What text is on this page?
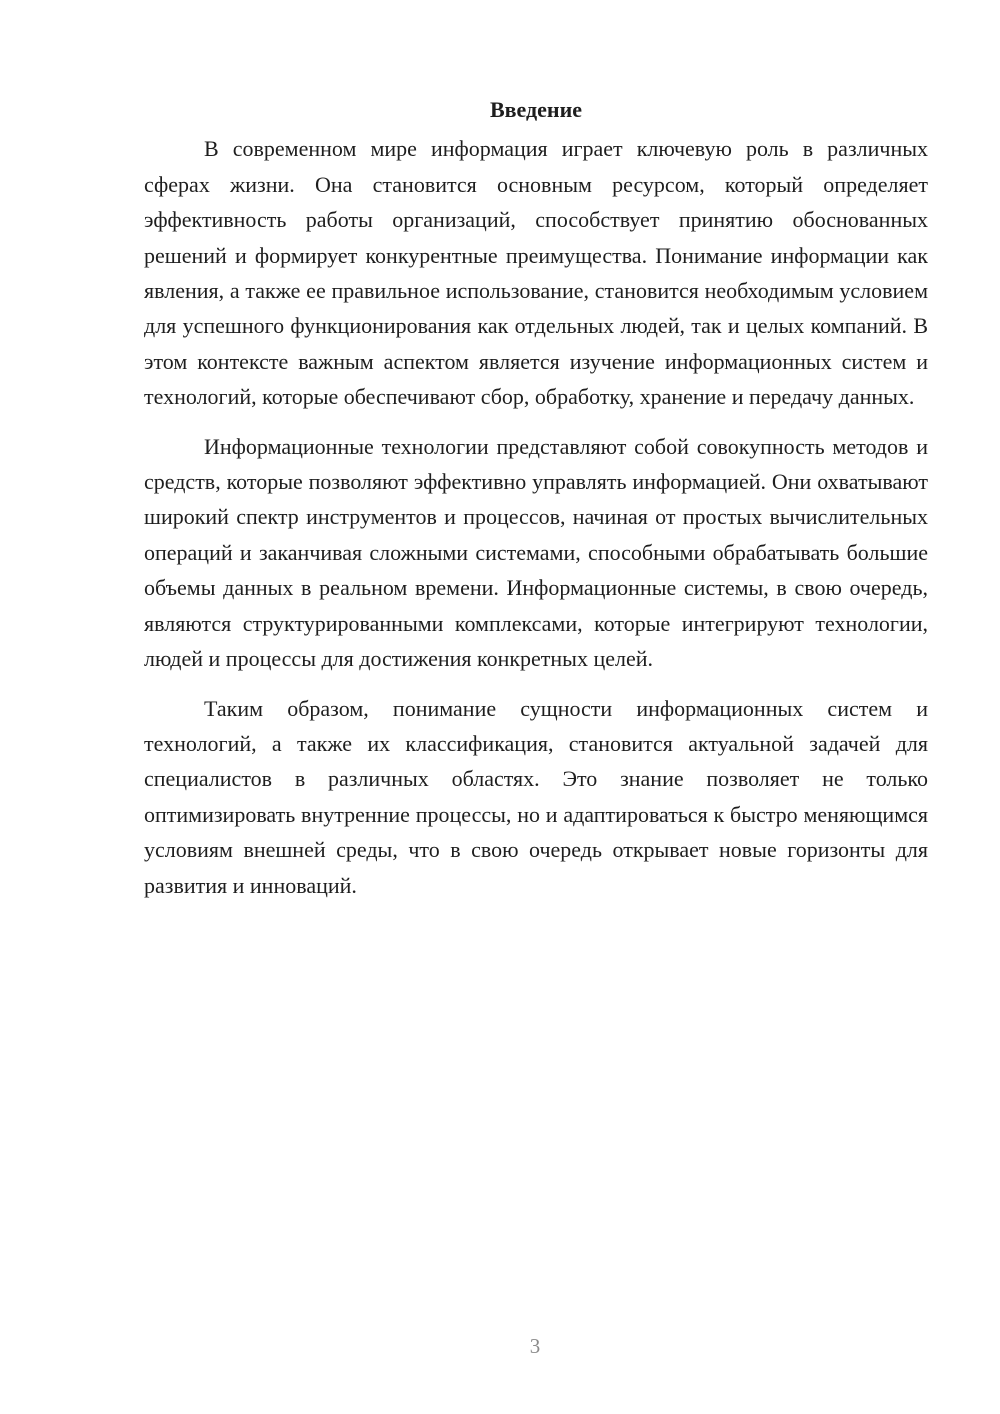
Введение

В современном мире информация играет ключевую роль в различных сферах жизни. Она становится основным ресурсом, который определяет эффективность работы организаций, способствует принятию обоснованных решений и формирует конкурентные преимущества. Понимание информации как явления, а также ее правильное использование, становится необходимым условием для успешного функционирования как отдельных людей, так и целых компаний. В этом контексте важным аспектом является изучение информационных систем и технологий, которые обеспечивают сбор, обработку, хранение и передачу данных.

Информационные технологии представляют собой совокупность методов и средств, которые позволяют эффективно управлять информацией. Они охватывают широкий спектр инструментов и процессов, начиная от простых вычислительных операций и заканчивая сложными системами, способными обрабатывать большие объемы данных в реальном времени. Информационные системы, в свою очередь, являются структурированными комплексами, которые интегрируют технологии, людей и процессы для достижения конкретных целей.

Таким образом, понимание сущности информационных систем и технологий, а также их классификация, становится актуальной задачей для специалистов в различных областях. Это знание позволяет не только оптимизировать внутренние процессы, но и адаптироваться к быстро меняющимся условиям внешней среды, что в свою очередь открывает новые горизонты для развития и инноваций.

3
